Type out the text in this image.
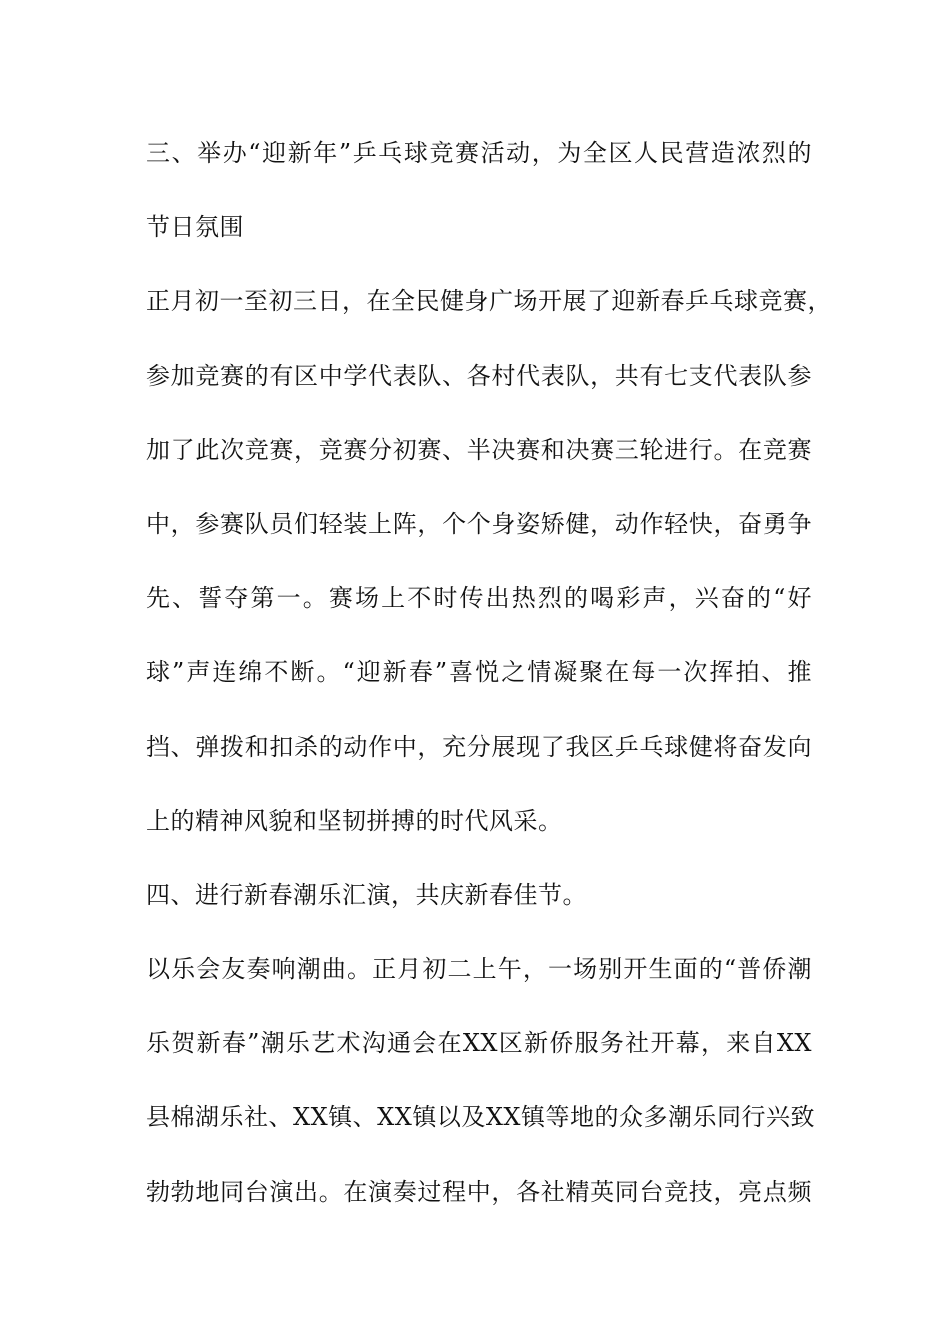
三、举办“迎新年”乒乓球竞赛活动，为全区人民营造浓烈的
节日氛围
正月初一至初三日，在全民健身广场开展了迎新春乒乓球竞赛，
参加竞赛的有区中学代表队、各村代表队，共有七支代表队参
加了此次竞赛，竞赛分初赛、半决赛和决赛三轮进行。在竞赛
中，参赛队员们轻装上阵，个个身姿矫健，动作轻快，奋勇争
先、誓夺第一。赛场上不时传出热烈的喝彩声，兴奋的“好
球”声连绵不断。“迎新春”喜悦之情凝聚在每一次挥拍、推
挡、弹拨和扣杀的动作中，充分展现了我区乒乓球健将奋发向
上的精神风貌和坚韧拼搏的时代风采。
四、进行新春潮乐汇演，共庆新春佳节。
以乐会友奏响潮曲。正月初二上午，一场别开生面的“普侨潮
乐贺新春”潮乐艺术沟通会在XX区新侨服务社开幕，来自XX
县棉湖乐社、XX镇、XX镇以及XX镇等地的众多潮乐同行兴致
勃勃地同台演出。在演奏过程中，各社精英同台竞技，亮点频
